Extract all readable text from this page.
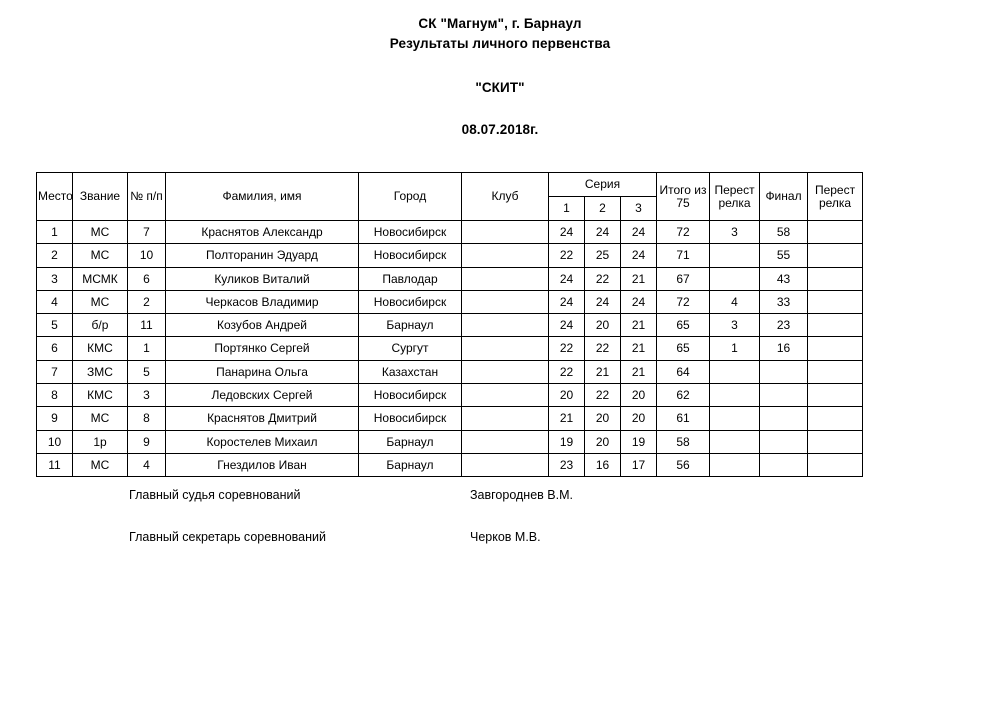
СК "Магнум", г. Барнаул
Результаты личного первенства
"СКИТ"
08.07.2018г.
Место	Звание	№ п/п	Фамилия, имя	Город	Клуб	Серия			Итого из 75	Перест релка	Финал	Перест релка

						1	2	3				

1	МС	7	Краснятов Александр	Новосибирск		24	24	24	72	3	58	
2	МС	10	Полторанин Эдуард	Новосибирск		22	25	24	71		55	
3	МСМК	6	Куликов Виталий	Павлодар		24	22	21	67		43	
4	МС	2	Черкасов Владимир	Новосибирск		24	24	24	72	4	33	
5	б/р	11	Козубов Андрей	Барнаул		24	20	21	65	3	23	
6	КМС	1	Портянко Сергей	Сургут		22	22	21	65	1	16	
7	ЗМС	5	Панарина Ольга	Казахстан		22	21	21	64			
8	КМС	3	Ледовских Сергей	Новосибирск		20	22	20	62			
9	МС	8	Краснятов Дмитрий	Новосибирск		21	20	20	61			
10	1р	9	Коростелев Михаил	Барнаул		19	20	19	58			
11	МС	4	Гнездилов Иван	Барнаул		23	16	17	56			
Главный судья соревнований	Завгороднев В.М.
Главный секретарь соревнований	Черков М.В.
